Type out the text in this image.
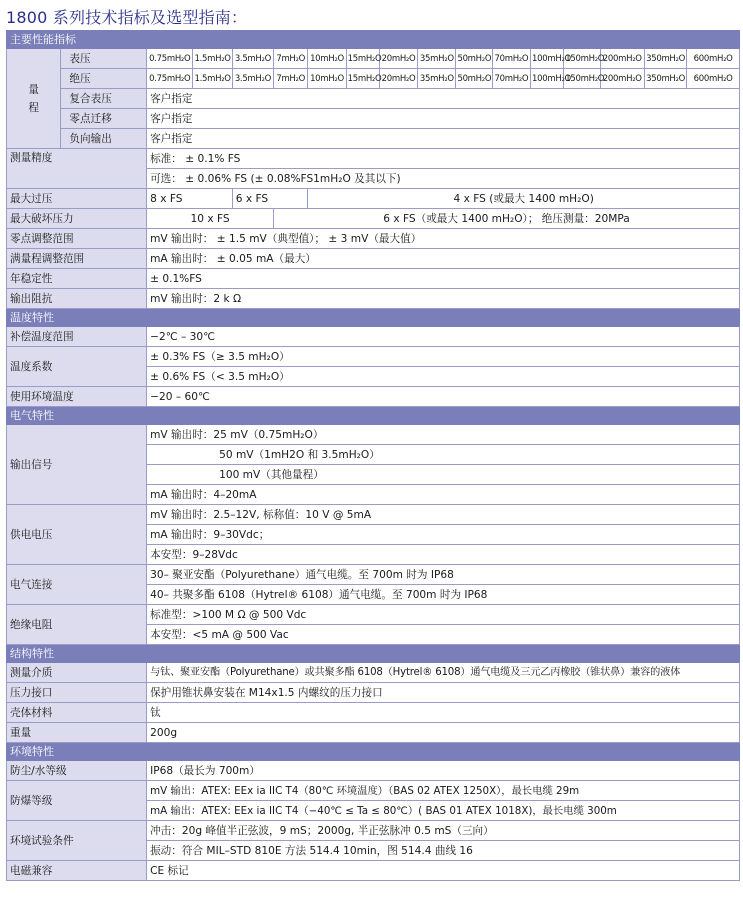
1800 系列技术指标及选型指南：
主要性能指标																

量
程	表压	0.75mH₂O	1.5mH₂O	3.5mH₂O	7mH₂O	10mH₂O	15mH₂O	20mH₂O	35mH₂O	50mH₂O	70mH₂O	100mH₂O	150mH₂O	200mH₂O	350mH₂O	600mH₂O
	绝压	0.75mH₂O	1.5mH₂O	3.5mH₂O	7mH₂O	10mH₂O	15mH₂O	20mH₂O	35mH₂O	50mH₂O	70mH₂O	100mH₂O	150mH₂O	200mH₂O	350mH₂O	600mH₂O
	复合表压	客户指定														
	零点迁移	客户指定														
	负向输出	客户指定														
测量精度		标准： ± 0.1% FS														
		可选： ± 0.06% FS (± 0.08%FS1mH₂O 及其以下)														
最大过压		8 x FS		6 x FS		4 x FS (或最大 1400 mH₂O)										
最大破坏压力		10 x FS			6 x FS（或最大 1400 mH₂O）； 绝压测量：20MPa											
零点调整范围		mV 输出时： ± 1.5 mV（典型值）； ± 3 mV（最大值）														
满量程调整范围		mA 输出时： ± 0.05 mA（最大）														
年稳定性		± 0.1%FS														
输出阻抗		mV 输出时：2 k Ω														
温度特性																
补偿温度范围		−2℃ – 30℃														
温度系数		± 0.3% FS（≥ 3.5 mH₂O）														
		± 0.6% FS（< 3.5 mH₂O）														
使用环境温度		−20 – 60℃														
电气特性																
输出信号		mV 输出时：25 mV（0.75mH₂O）														
		50 mV（1mH2O 和 3.5mH₂O）														
		100 mV（其他量程）														
		mA 输出时：4–20mA														
供电电压		mV 输出时：2.5–12V, 标称值：10 V @ 5mA														
		mA 输出时：9–30Vdc；														
		本安型：9–28Vdc														
电气连接		30– 聚亚安酯（Polyurethane）通气电缆。至 700m 时为 IP68														
		40– 共聚多酯 6108（Hytrel® 6108）通气电缆。至 700m 时为 IP68														
绝缘电阻		标准型：>100 M Ω @ 500 Vdc														
		本安型：<5 mA @ 500 Vac														
结构特性																
测量介质		与钛、聚亚安酯（Polyurethane）或共聚多酯 6108（Hytrel® 6108）通气电缆及三元乙丙橡胶（锥状鼻）兼容的液体														
压力接口		保护用锥状鼻安装在 M14x1.5 内螺纹的压力接口														
壳体材料		钛														
重量		200g														
环境特性																
防尘/水等级		IP68（最长为 700m）														
防爆等级		mV 输出：ATEX: EEx ia IIC T4（80℃ 环境温度）（BAS 02 ATEX 1250X），最长电缆 29m														
		mA 输出：ATEX: EEx ia IIC T4（−40℃ ≤ Ta ≤ 80℃）( BAS 01 ATEX 1018X)，最长电缆 300m														
环境试验条件		冲击：20g 峰值半正弦波，9 mS；2000g, 半正弦脉冲 0.5 mS（三向）														
		振动：符合 MIL–STD 810E 方法 514.4 10min，图 514.4 曲线 16														
电磁兼容		CE 标记														
